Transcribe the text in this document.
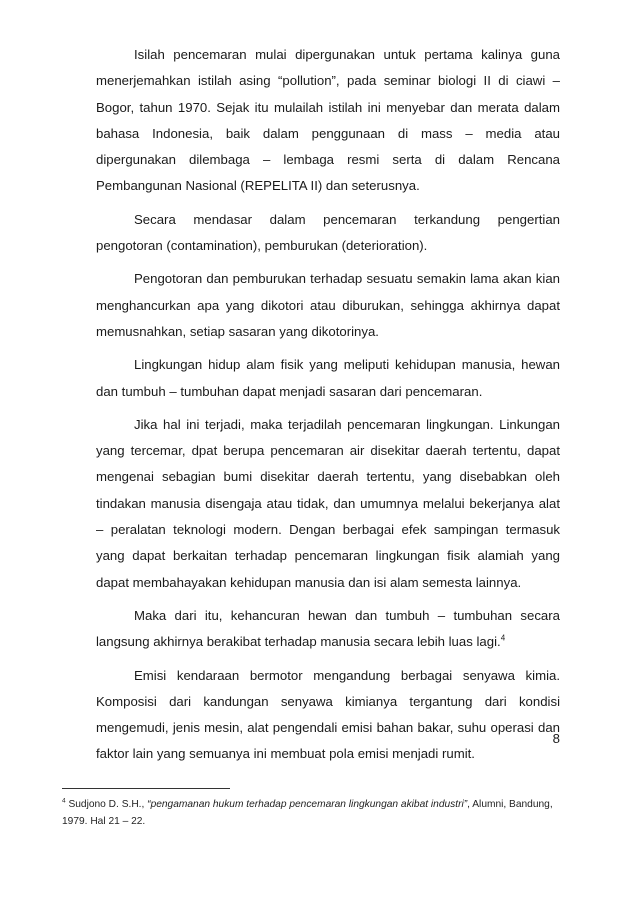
Isilah pencemaran mulai dipergunakan untuk pertama kalinya guna menerjemahkan istilah asing “pollution”, pada seminar biologi II di ciawi – Bogor, tahun 1970. Sejak itu mulailah istilah ini menyebar dan merata dalam bahasa Indonesia, baik dalam penggunaan di mass – media atau dipergunakan dilembaga – lembaga resmi serta di dalam Rencana Pembangunan Nasional (REPELITA II) dan seterusnya.

Secara mendasar dalam pencemaran terkandung pengertian pengotoran (contamination), pemburukan (deterioration).

Pengotoran dan pemburukan terhadap sesuatu semakin lama akan kian menghancurkan apa yang dikotori atau diburukan, sehingga akhirnya dapat memusnahkan, setiap sasaran yang dikotorinya.

Lingkungan hidup alam fisik yang meliputi kehidupan manusia, hewan dan tumbuh – tumbuhan dapat menjadi sasaran dari pencemaran.

Jika hal ini terjadi, maka terjadilah pencemaran lingkungan. Linkungan yang tercemar, dpat berupa pencemaran air disekitar daerah tertentu, dapat mengenai sebagian bumi disekitar daerah tertentu, yang disebabkan oleh tindakan manusia disengaja atau tidak, dan umumnya melalui bekerjanya alat – peralatan teknologi modern. Dengan berbagai efek sampingan termasuk yang dapat berkaitan terhadap pencemaran lingkungan fisik alamiah yang dapat membahayakan kehidupan manusia dan isi alam semesta lainnya.

Maka dari itu, kehancuran hewan dan tumbuh – tumbuhan secara langsung akhirnya berakibat terhadap manusia secara lebih luas lagi.$^4$

Emisi kendaraan bermotor mengandung berbagai senyawa kimia. Komposisi dari kandungan senyawa kimianya tergantung dari kondisi mengemudi, jenis mesin, alat pengendali emisi bahan bakar, suhu operasi dan faktor lain yang semuanya ini membuat pola emisi menjadi rumit.

8
$^4$ Sudjono D. S.H., “pengamanan hukum terhadap pencemaran lingkungan akibat industri”, Alumni, Bandung, 1979. Hal 21 – 22.
